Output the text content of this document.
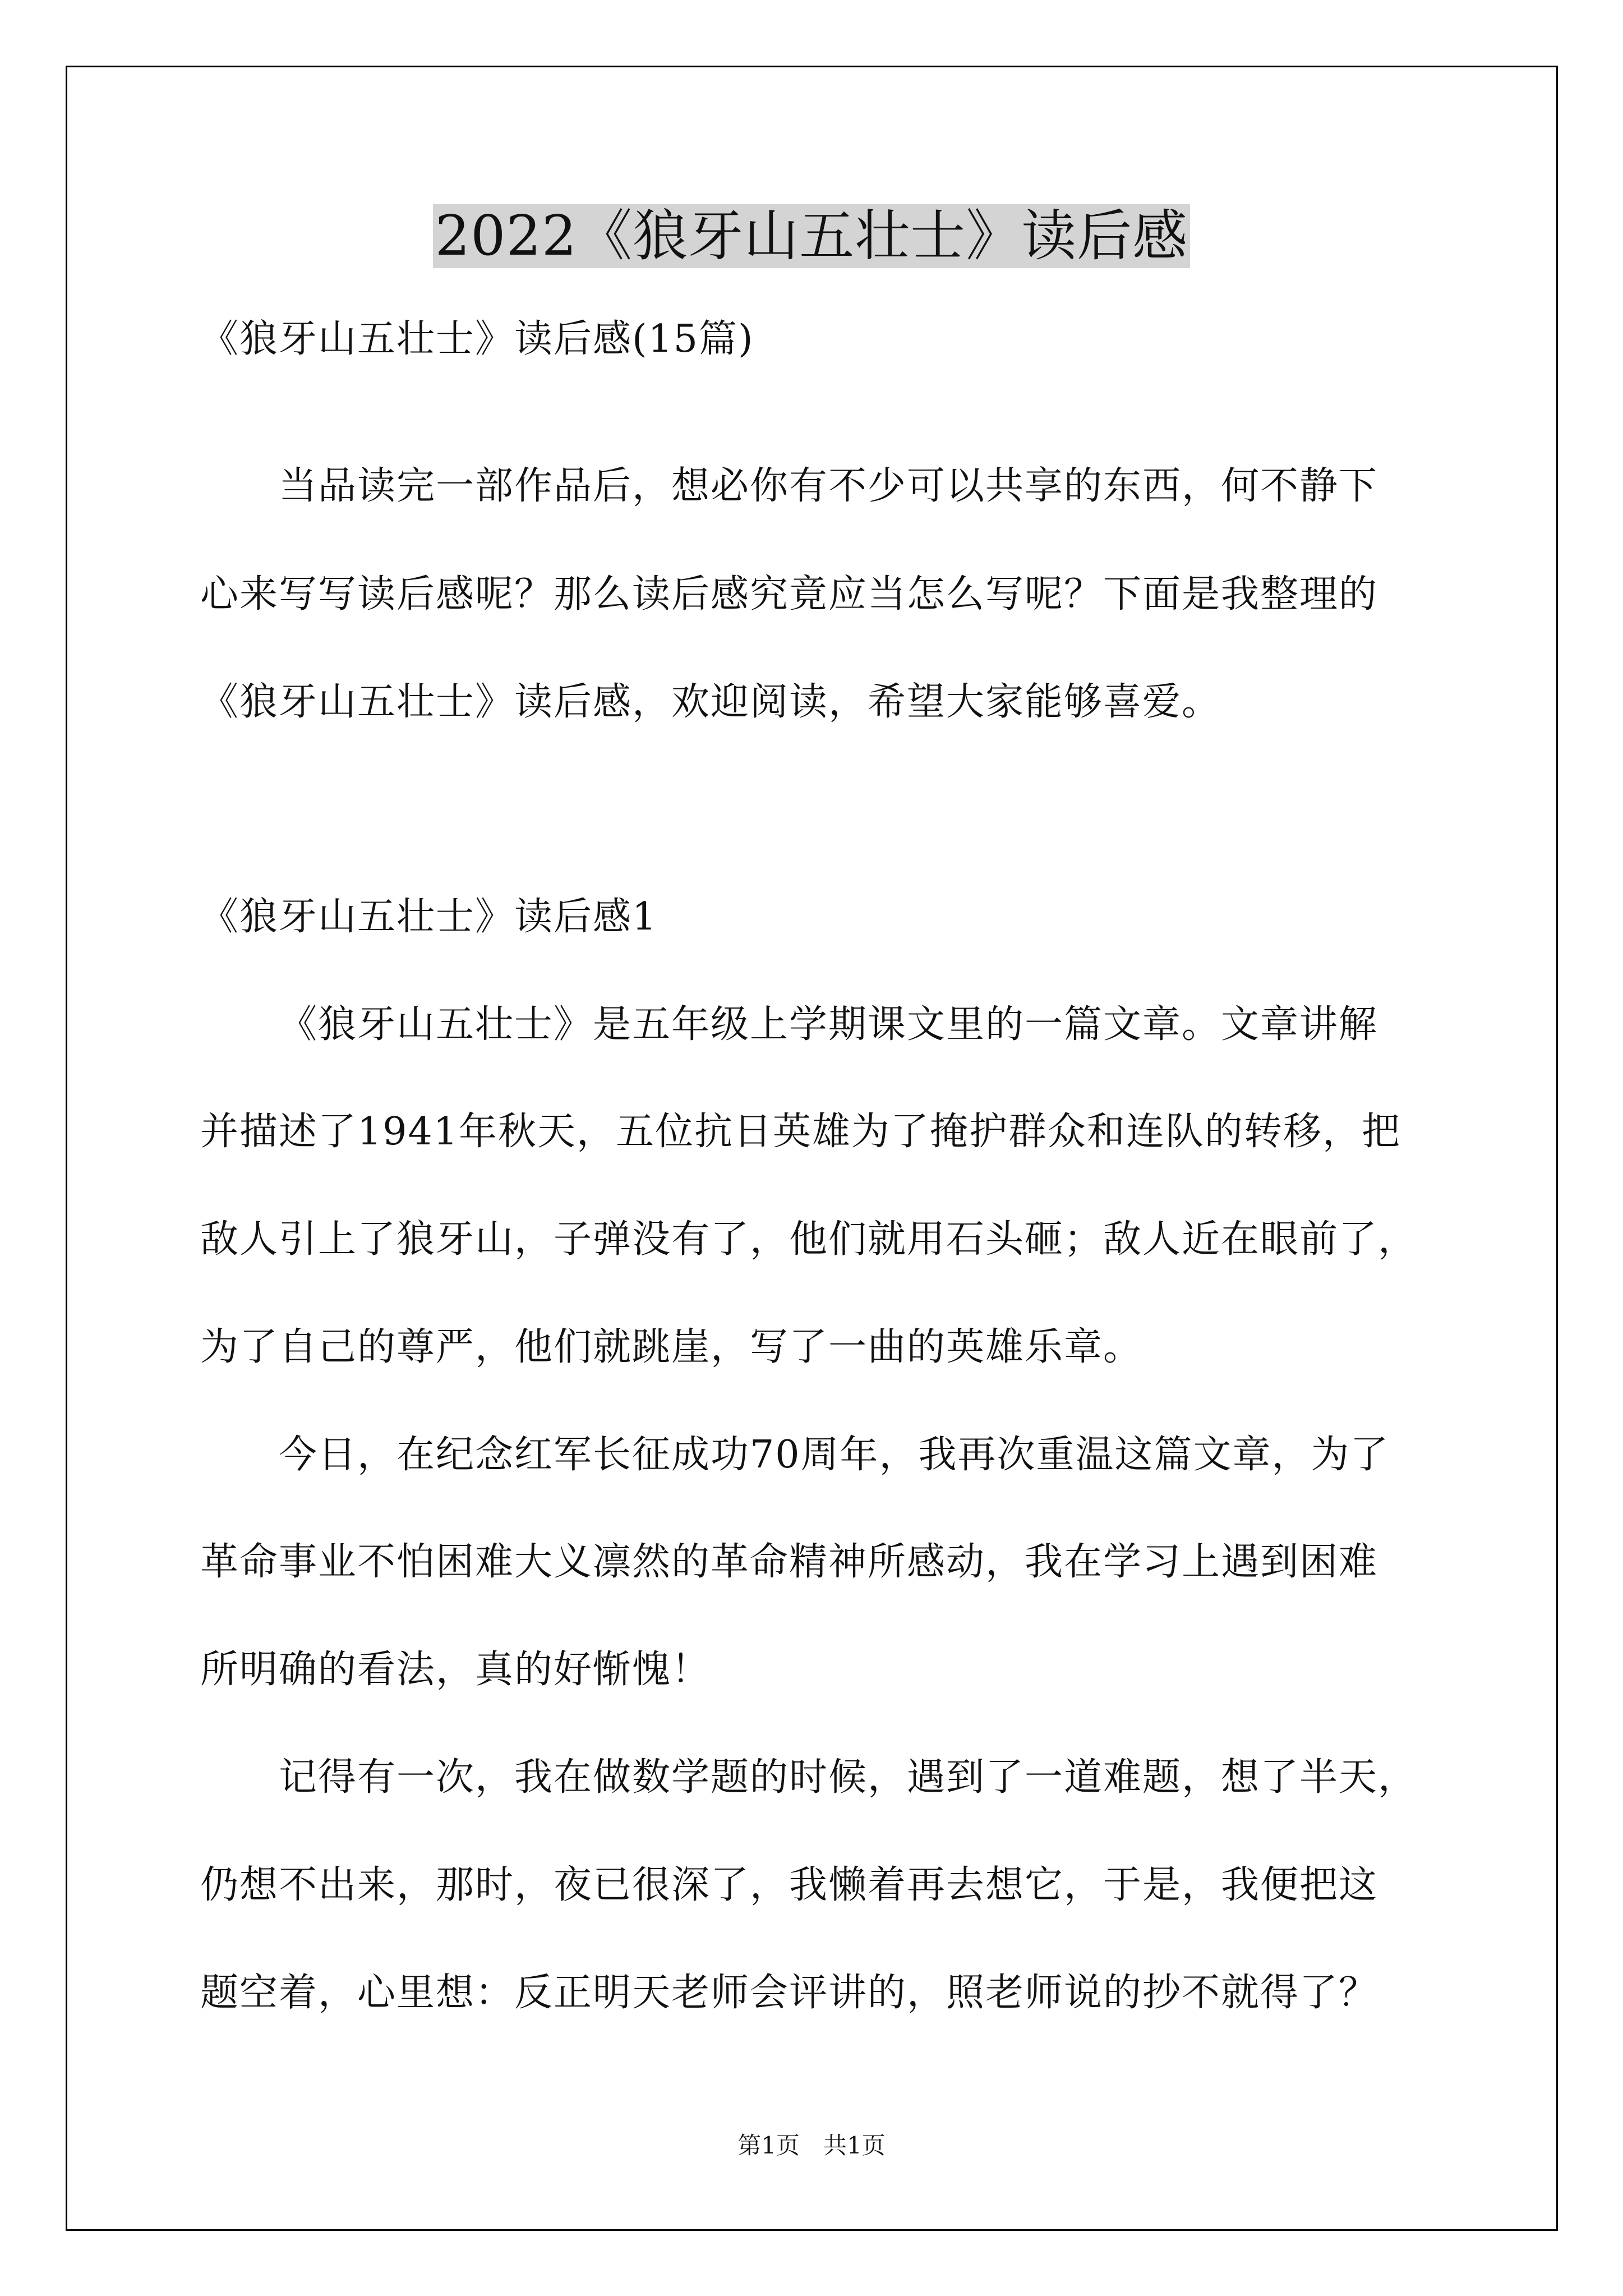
2022《狼牙山五壮士》读后感
《狼牙山五壮士》读后感(15篇)
当品读完一部作品后，想必你有不少可以共享的东西，何不静下
心来写写读后感呢？那么读后感究竟应当怎么写呢？下面是我整理的
《狼牙山五壮士》读后感，欢迎阅读，希望大家能够喜爱。
《狼牙山五壮士》读后感1
《狼牙山五壮士》是五年级上学期课文里的一篇文章。文章讲解
并描述了1941年秋天，五位抗日英雄为了掩护群众和连队的转移，把
敌人引上了狼牙山，子弹没有了，他们就用石头砸；敌人近在眼前了，
为了自己的尊严，他们就跳崖，写了一曲的英雄乐章。
今日，在纪念红军长征成功70周年，我再次重温这篇文章，为了
革命事业不怕困难大义凛然的革命精神所感动，我在学习上遇到困难
所明确的看法，真的好惭愧！
记得有一次，我在做数学题的时候，遇到了一道难题，想了半天，
仍想不出来，那时，夜已很深了，我懒着再去想它，于是，我便把这
题空着，心里想：反正明天老师会评讲的，照老师说的抄不就得了？
第1页　共1页
